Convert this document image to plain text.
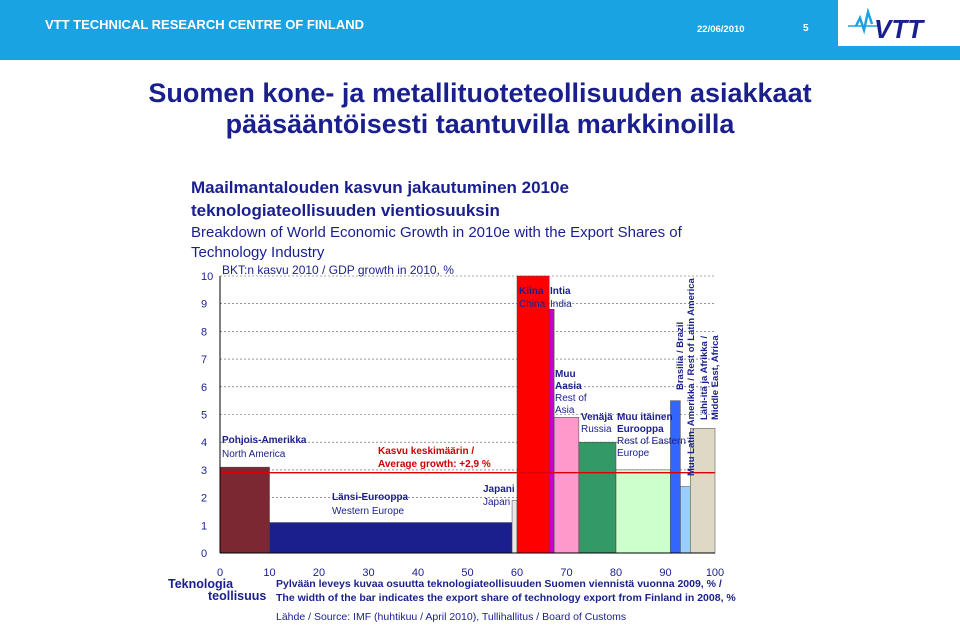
VTT TECHNICAL RESEARCH CENTRE OF FINLAND	22/06/2010	5	VTT
Suomen kone- ja metallituoteteollisuuden asiakkaat
pääsääntöisesti taantuvilla markkinoilla
Maailmantalouden kasvun jakautuminen 2010e
teknologiateollisuuden vientiosuuksin
Breakdown of World Economic Growth in 2010e with the Export Shares of
Technology Industry
BKT:n kasvu 2010 / GDP growth in 2010, %
Kasvu keskimäärin /
Average growth: +2,9 %
0
1
2
3
4
5
6
7
8
9
10
0	10	20	30	40	50	60	70	80	90	100
Pohjois-Amerikka
North America
Länsi-Eurooppa
Western Europe
Japani
Japan
Kiina
China
Intia
India
Muu
Aasia
Rest of
Asia
Venäjä
Russia
Muu itäinen
Eurooppa
Rest of Eastern
Europe
Brasilia / Brazil Muu Latin. Amerikka / Rest of Latin America Lähi-itä ja Afrikka / Middle East, Africa
Teknologia
teollisuus
Pylvään leveys kuvaa osuutta teknologiateollisuuden Suomen viennistä vuonna 2009, % /
The width of the bar indicates the export share of technology export from Finland in 2008, %
Lähde / Source: IMF (huhtikuu / April 2010), Tullihallitus / Board of Customs
